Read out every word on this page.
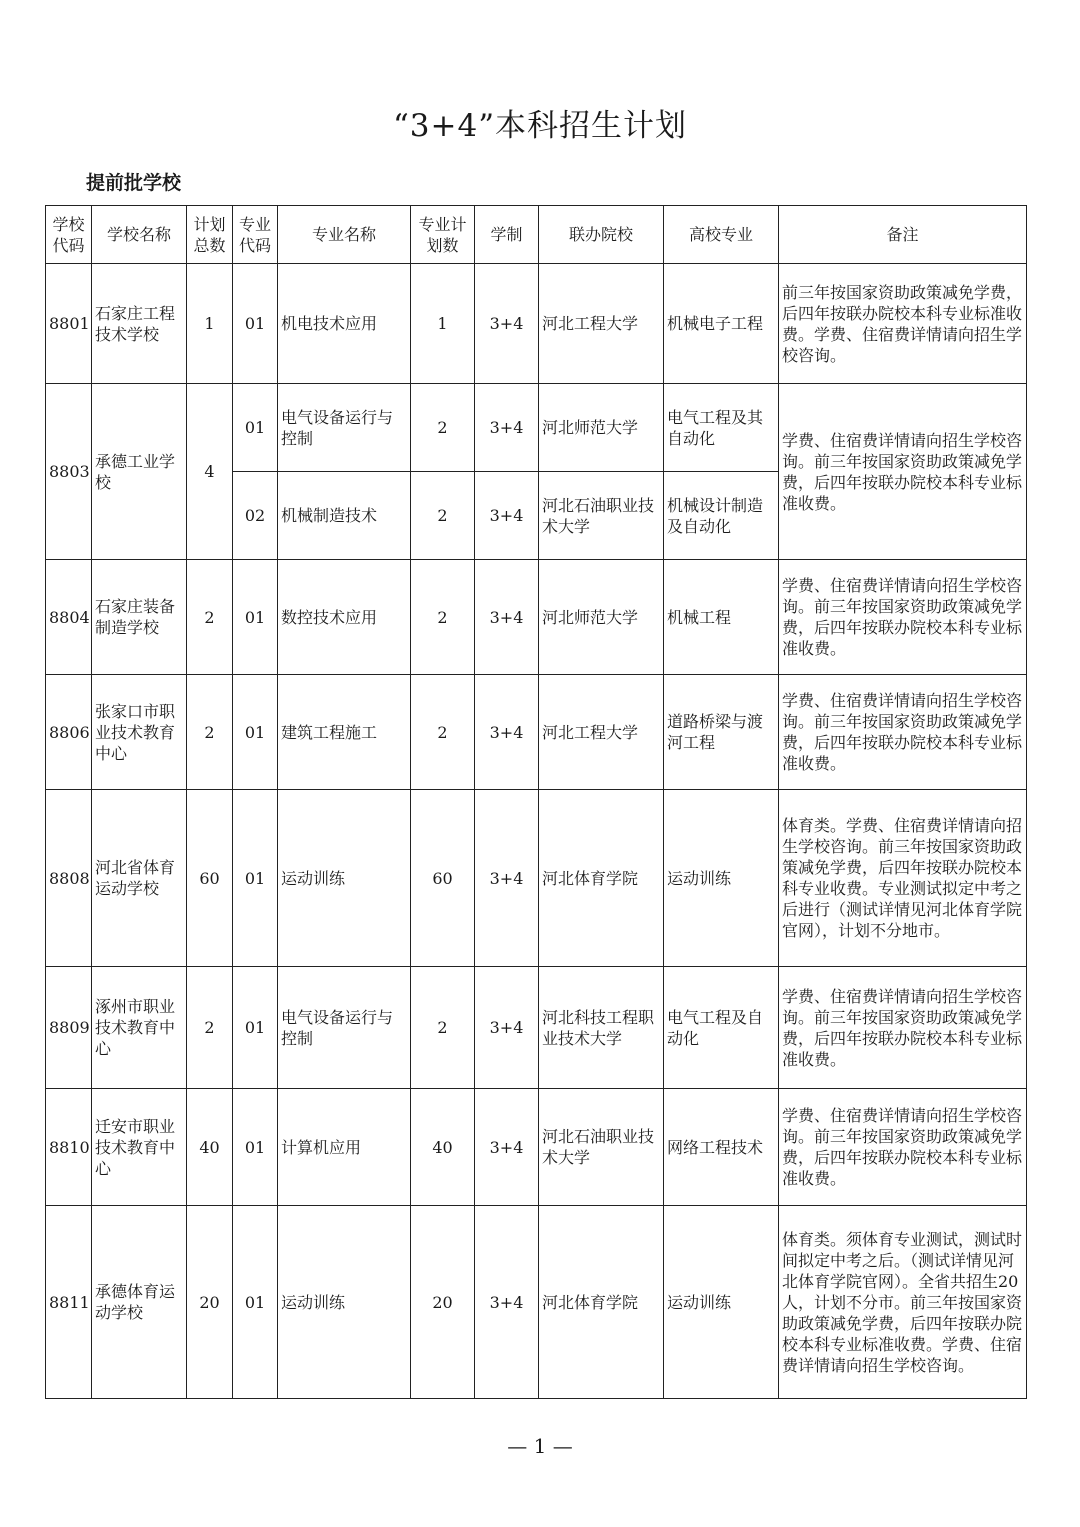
“3+4”本科招生计划
提前批学校
学校代码	学校名称	计划总数	专业代码	专业名称	专业计划数	学制	联办院校	高校专业	备注
8801	石家庄工程技术学校	1	01	机电技术应用	1	3+4	河北工程大学	机械电子工程	前三年按国家资助政策减免学费，后四年按联办院校本科专业标准收费。学费、住宿费详情请向招生学校咨询。
8803	承德工业学校	4	01	电气设备运行与控制	2	3+4	河北师范大学	电气工程及其自动化	学费、住宿费详情请向招生学校咨询。前三年按国家资助政策减免学费，后四年按联办院校本科专业标准收费。
			02	机械制造技术	2	3+4	河北石油职业技术大学	机械设计制造及自动化	
8804	石家庄装备制造学校	2	01	数控技术应用	2	3+4	河北师范大学	机械工程	学费、住宿费详情请向招生学校咨询。前三年按国家资助政策减免学费，后四年按联办院校本科专业标准收费。
8806	张家口市职业技术教育中心	2	01	建筑工程施工	2	3+4	河北工程大学	道路桥梁与渡河工程	学费、住宿费详情请向招生学校咨询。前三年按国家资助政策减免学费，后四年按联办院校本科专业标准收费。
8808	河北省体育运动学校	60	01	运动训练	60	3+4	河北体育学院	运动训练	体育类。学费、住宿费详情请向招生学校咨询。前三年按国家资助政策减免学费，后四年按联办院校本科专业收费。专业测试拟定中考之后进行（测试详情见河北体育学院官网），计划不分地市。
8809	涿州市职业技术教育中心	2	01	电气设备运行与控制	2	3+4	河北科技工程职业技术大学	电气工程及自动化	学费、住宿费详情请向招生学校咨询。前三年按国家资助政策减免学费，后四年按联办院校本科专业标准收费。
8810	迁安市职业技术教育中心	40	01	计算机应用	40	3+4	河北石油职业技术大学	网络工程技术	学费、住宿费详情请向招生学校咨询。前三年按国家资助政策减免学费，后四年按联办院校本科专业标准收费。
8811	承德体育运动学校	20	01	运动训练	20	3+4	河北体育学院	运动训练	体育类。须体育专业测试，测试时间拟定中考之后。（测试详情见河北体育学院官网）。全省共招生20人，计划不分市。前三年按国家资助政策减免学费，后四年按联办院校本科专业标准收费。学费、住宿费详情请向招生学校咨询。
— 1 —
